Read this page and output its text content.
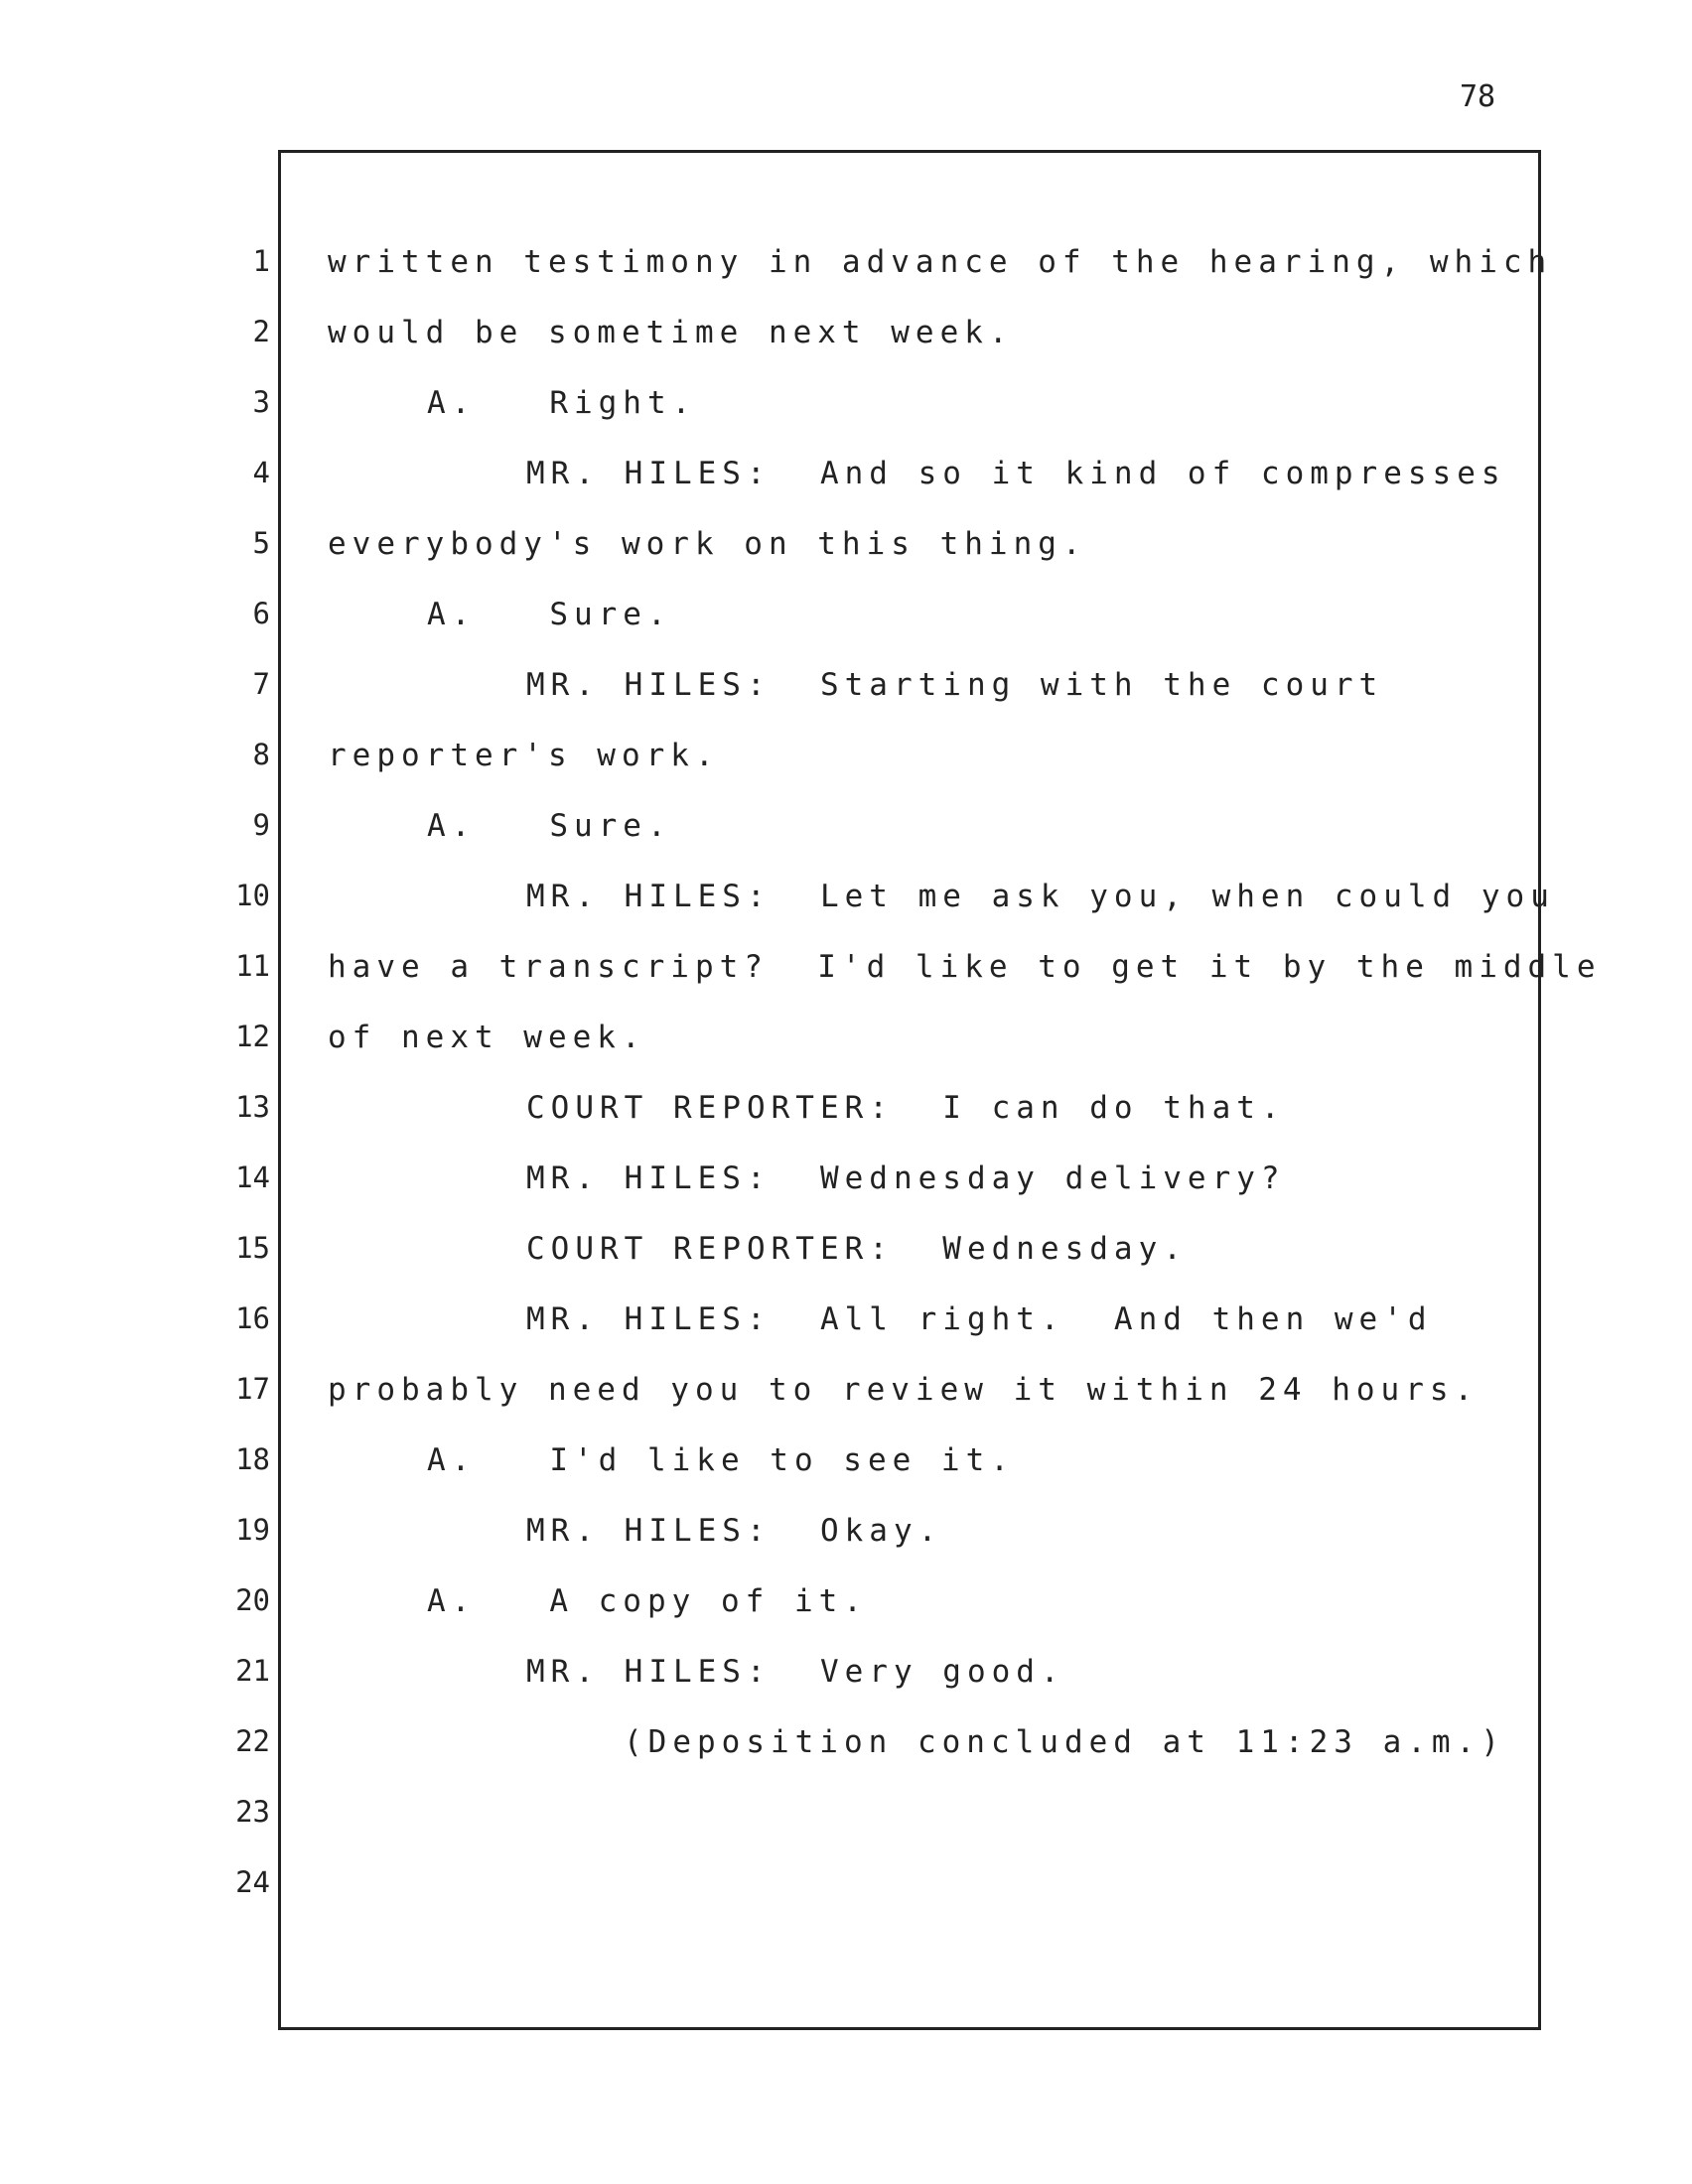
78
1 written testimony in advance of the hearing, which
2 would be sometime next week.
3	A.   Right.
4	MR. HILES:  And so it kind of compresses
5 everybody's work on this thing.
6	A.   Sure.
7	MR. HILES:  Starting with the court
8 reporter's work.
9	A.   Sure.
10	MR. HILES:  Let me ask you, when could you
11 have a transcript?  I'd like to get it by the middle
12 of next week.
13	COURT REPORTER:  I can do that.
14	MR. HILES:  Wednesday delivery?
15	COURT REPORTER:  Wednesday.
16	MR. HILES:  All right.  And then we'd
17 probably need you to review it within 24 hours.
18	A.   I'd like to see it.
19	MR. HILES:  Okay.
20	A.   A copy of it.
21	MR. HILES:  Very good.
22	(Deposition concluded at 11:23 a.m.)
23
24
